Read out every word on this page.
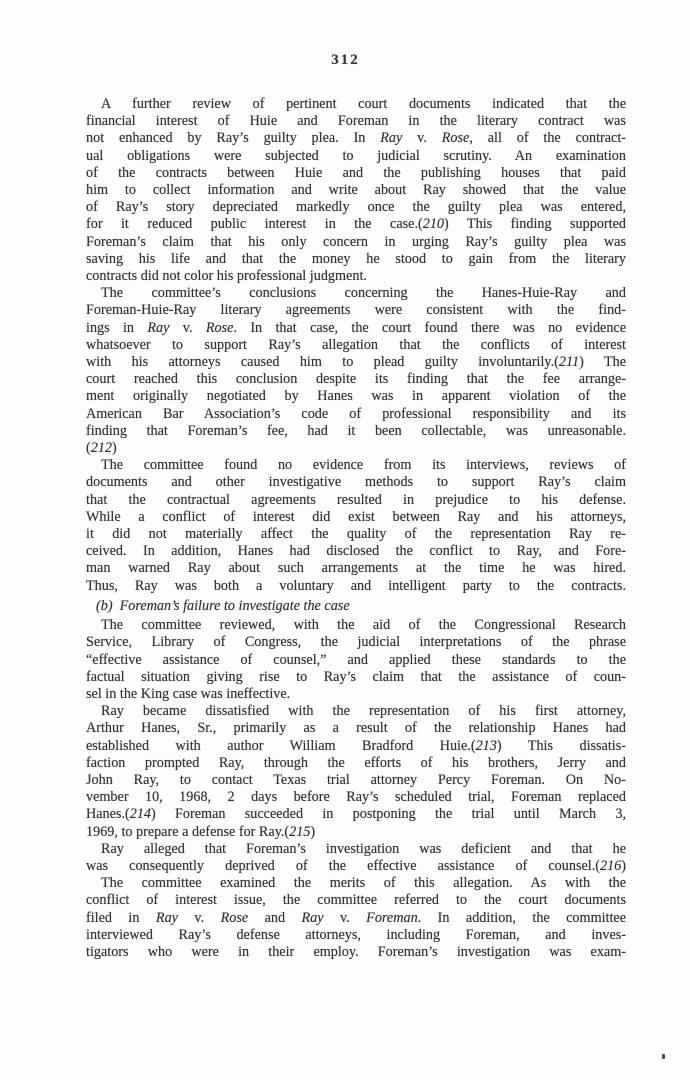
312
A further review of pertinent court documents indicated that the
financial interest of Huie and Foreman in the literary contract was
not enhanced by Ray’s guilty plea. In Ray v. Rose, all of the contract-
ual obligations were subjected to judicial scrutiny. An examination
of the contracts between Huie and the publishing houses that paid
him to collect information and write about Ray showed that the value
of Ray’s story depreciated markedly once the guilty plea was entered,
for it reduced public interest in the case.(210) This finding supported
Foreman’s claim that his only concern in urging Ray’s guilty plea was
saving his life and that the money he stood to gain from the literary
contracts did not color his professional judgment.
The committee’s conclusions concerning the Hanes-Huie-Ray and
Foreman-Huie-Ray literary agreements were consistent with the find-
ings in Ray v. Rose. In that case, the court found there was no evidence
whatsoever to support Ray’s allegation that the conflicts of interest
with his attorneys caused him to plead guilty involuntarily.(211) The
court reached this conclusion despite its finding that the fee arrange-
ment originally negotiated by Hanes was in apparent violation of the
American Bar Association’s code of professional responsibility and its
finding that Foreman’s fee, had it been collectable, was unreasonable.
(212)
The committee found no evidence from its interviews, reviews of
documents and other investigative methods to support Ray’s claim
that the contractual agreements resulted in prejudice to his defense.
While a conflict of interest did exist between Ray and his attorneys,
it did not materially affect the quality of the representation Ray re-
ceived. In addition, Hanes had disclosed the conflict to Ray, and Fore-
man warned Ray about such arrangements at the time he was hired.
Thus, Ray was both a voluntary and intelligent party to the contracts.
(b)  Foreman’s failure to investigate the case
The committee reviewed, with the aid of the Congressional Research
Service, Library of Congress, the judicial interpretations of the phrase
“effective assistance of counsel,” and applied these standards to the
factual situation giving rise to Ray’s claim that the assistance of coun-
sel in the King case was ineffective.
Ray became dissatisfied with the representation of his first attorney,
Arthur Hanes, Sr., primarily as a result of the relationship Hanes had
established with author William Bradford Huie.(213) This dissatis-
faction prompted Ray, through the efforts of his brothers, Jerry and
John Ray, to contact Texas trial attorney Percy Foreman. On No-
vember 10, 1968, 2 days before Ray’s scheduled trial, Foreman replaced
Hanes.(214) Foreman succeeded in postponing the trial until March 3,
1969, to prepare a defense for Ray.(215)
Ray alleged that Foreman’s investigation was deficient and that he
was consequently deprived of the effective assistance of counsel.(216)
The committee examined the merits of this allegation. As with the
conflict of interest issue, the committee referred to the court documents
filed in Ray v. Rose and Ray v. Foreman. In addition, the committee
interviewed Ray’s defense attorneys, including Foreman, and inves-
tigators who were in their employ. Foreman’s investigation was exam-
